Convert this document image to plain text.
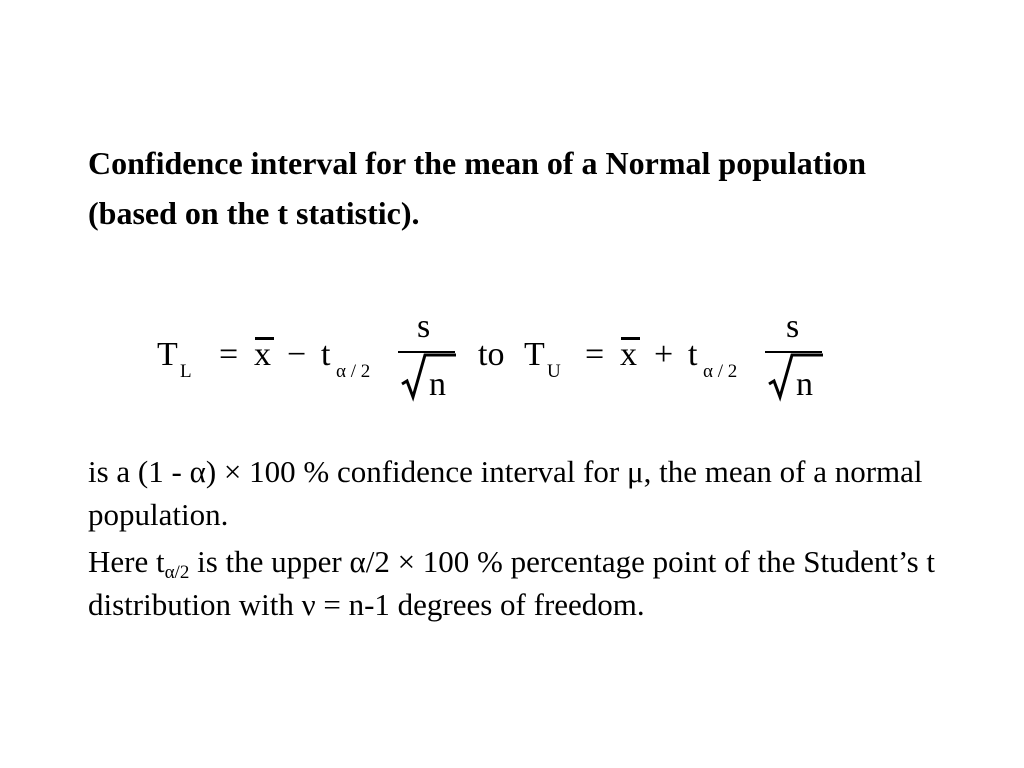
Confidence interval for the mean of a Normal population

(based on the t statistic).

T L = x − t α / 2
s
n
to T U = x + t α / 2
s
n

is a (1 - α) × 100 % confidence interval for μ, the mean of a normal population.

Here $t_{\alpha/2}$ is the upper α/2 × 100 % percentage point of the Student’s t distribution with ν = n-1 degrees of freedom.
